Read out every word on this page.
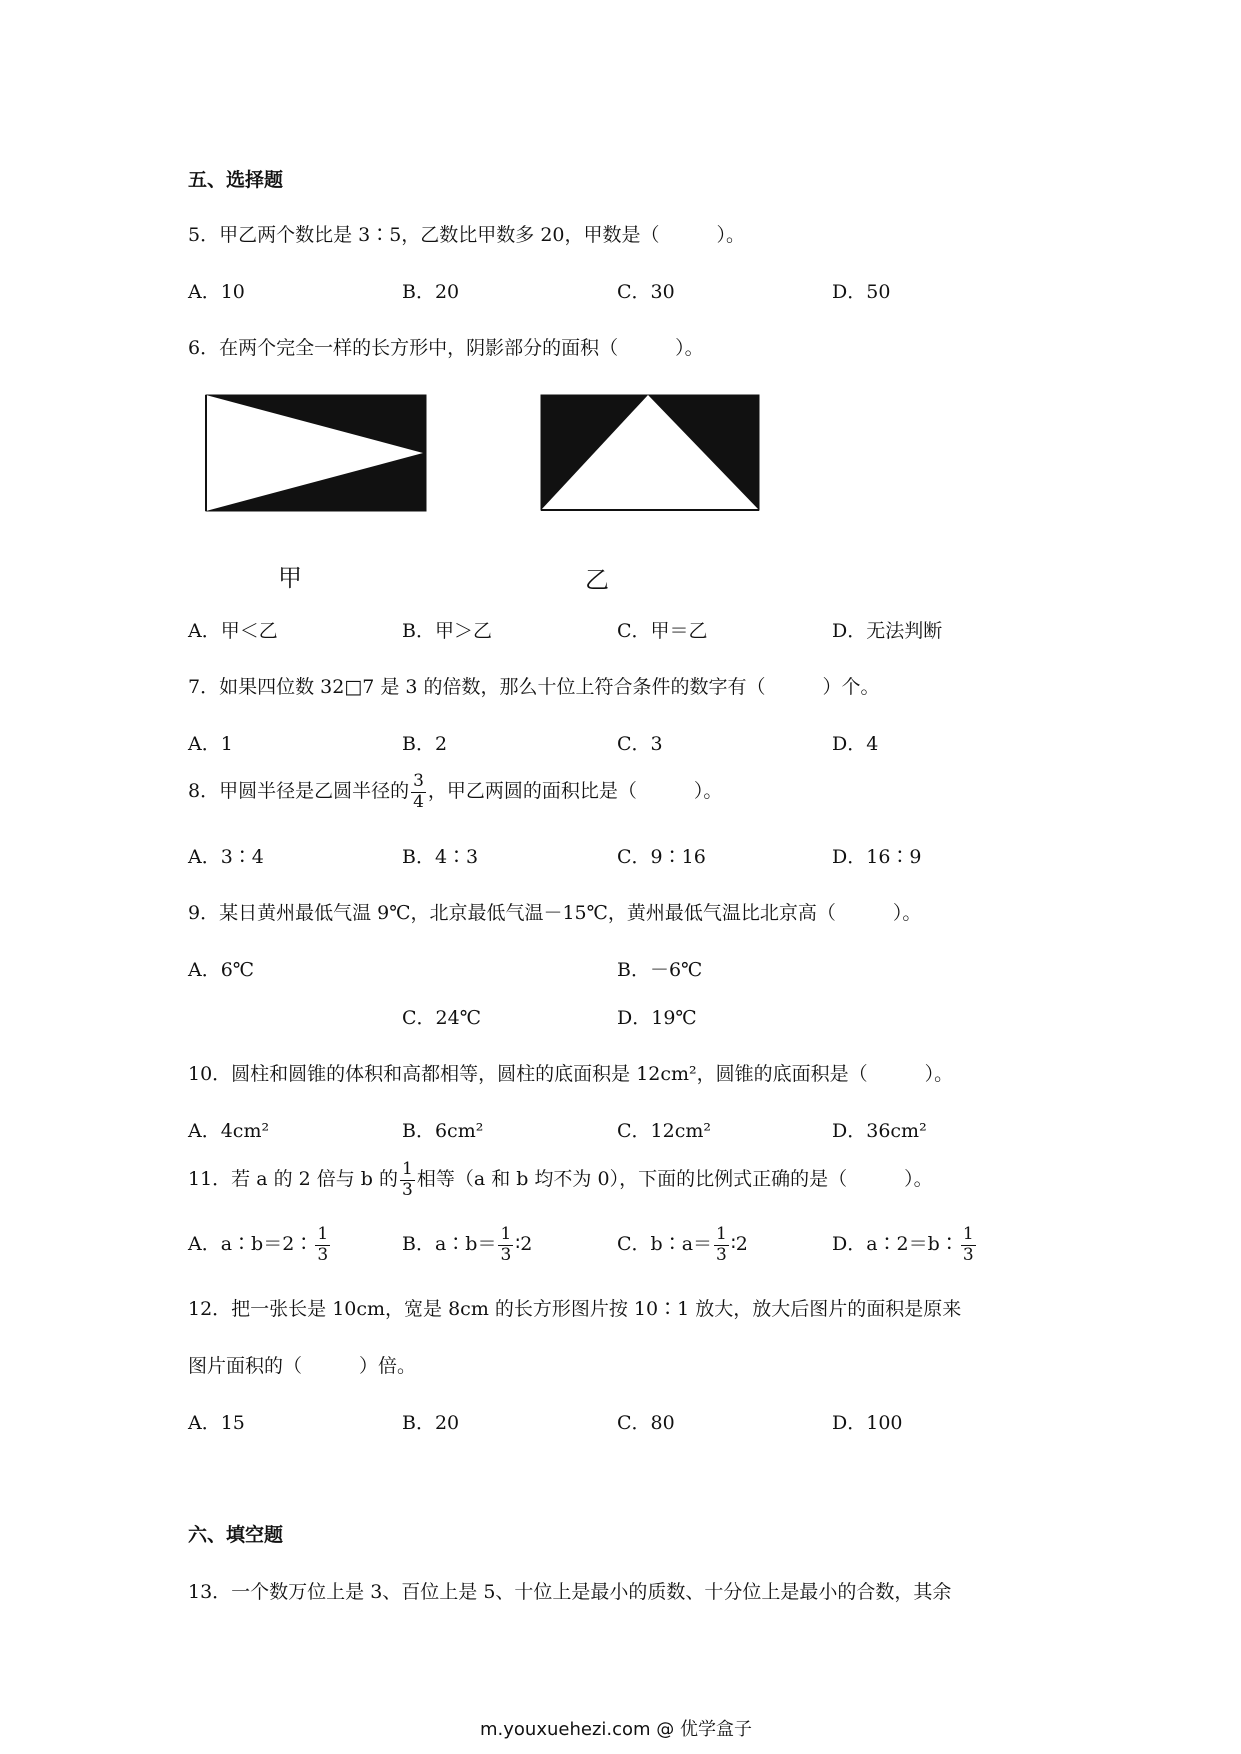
五、选择题
5．甲乙两个数比是 3∶5，乙数比甲数多 20，甲数是（　　　）。
A．10	B．20	C．30	D．50
6．在两个完全一样的长方形中，阴影部分的面积（　　　）。
甲	乙
A．甲＜乙	B．甲＞乙	C．甲＝乙	D．无法判断
7．如果四位数 32□7 是 3 的倍数，那么十位上符合条件的数字有（　　　）个。
A．1	B．2	C．3	D．4
8．甲圆半径是乙圆半径的 $\frac{3}{4}$ ，甲乙两圆的面积比是（　　　）。
A．3∶4	B．4∶3	C．9∶16	D．16∶9
9．某日黄州最低气温 9℃，北京最低气温－15℃，黄州最低气温比北京高（　　　）。
A．6℃	B．－6℃
C．24℃	D．19℃
10．圆柱和圆锥的体积和高都相等，圆柱的底面积是 12cm²，圆锥的底面积是（　　　）。
A．4cm²	B．6cm²	C．12cm²	D．36cm²
11．若 a 的 2 倍与 b 的 $\frac{1}{3}$ 相等（a 和 b 均不为 0），下面的比例式正确的是（　　　）。
A．a∶b＝2∶ $\frac{1}{3}$	B．a∶b＝ $\frac{1}{3}$ ∶2	C．b∶a＝ $\frac{1}{3}$ ∶2	D．a∶2＝b∶ $\frac{1}{3}$
12．把一张长是 10cm，宽是 8cm 的长方形图片按 10∶1 放大，放大后图片的面积是原来
图片面积的（　　　）倍。
A．15	B．20	C．80	D．100
六、填空题
13．一个数万位上是 3、百位上是 5、十位上是最小的质数、十分位上是最小的合数，其余
m.youxuehezi.com @ 优学盒子
